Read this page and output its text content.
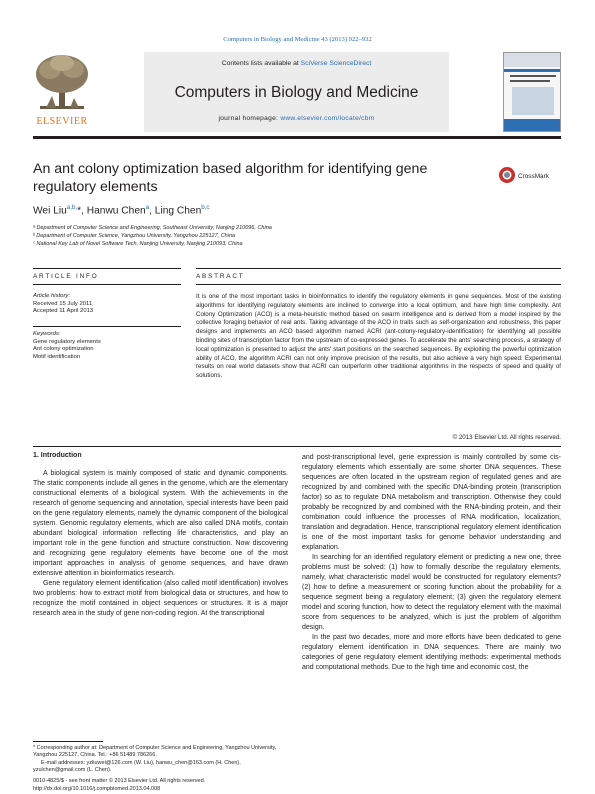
Computers in Biology and Medicine 43 (2013) 922–932
ELSEVIER
Contents lists available at SciVerse ScienceDirect
Computers in Biology and Medicine
journal homepage: www.elsevier.com/locate/cbm
An ant colony optimization based algorithm for identifying gene
regulatory elements
CrossMark
Wei Liu$^{a,b,}$*, Hanwu Chen$^a$, Ling Chen$^{b,c}$
ᵃ Department of Computer Science and Engineering, Southeast University, Nanjing 210096, China
ᵇ Department of Computer Science, Yangzhou University, Yangzhou 225127, China
ᶜ National Key Lab of Novel Software Tech, Nanjing University, Nanjing 210093, China
ARTICLE INFO	ABSTRACT
Article history:
Received 15 July 2011
Accepted 11 April 2013
Keywords:
Gene regulatory elements
Ant colony optimization
Motif identification
It is one of the most important tasks in bioinformatics to identify the regulatory elements in gene sequences. Most of the existing algorithms for identifying regulatory elements are inclined to converge into a local optimum, and have high time complexity. Ant Colony Optimization (ACO) is a meta-heuristic method based on swarm intelligence and is derived from a model inspired by the collective foraging behavior of real ants. Taking advantage of the ACO in traits such as self-organization and robustness, this paper designs and implements an ACO based algorithm named ACRI (ant-colony-regulatory-identification) for identifying all possible binding sites of transcription factor from the upstream of co-expressed genes. To accelerate the ants' searching process, a strategy of local optimization is presented to adjust the ants' start positions on the searched sequences. By exploiting the powerful optimization ability of ACO, the algorithm ACRI can not only improve precision of the results, but also achieve a very high speed. Experimental results on real world datasets show that ACRI can outperform other traditional algorithms in the respects of speed and quality of solutions.
© 2013 Elsevier Ltd. All rights reserved.
1. Introduction

A biological system is mainly composed of static and dynamic components. The static components include all genes in the genome, which are the elementary constructional elements of a biological system. With the achievements in the research of genome sequencing and annotation, special interests have been paid on the gene regulatory elements, namely the dynamic component of the biological system. Genomic regulatory elements, which are also called DNA motifs, contain abundant biological information reflecting life characteristics, and play an important role in the gene function and structure construction. Now discovering and recognizing gene regulatory elements have become one of the most important approaches in analysis of genome sequences, and have drawn extensive attention in bioinformatics research.

Gene regulatory element identification (also called motif identification) involves two problems: how to extract motif from biological data or structures, and how to recognize the motif contained in object sequences or structures. It is a major research area in the study of gene non-coding region. At the transcriptional

and post-transcriptional level, gene expression is mainly controlled by some cis-regulatory elements which essentially are some shorter DNA sequences. These sequences are often located in the upstream region of regulated genes and are recognized by and combined with the specific DNA-binding protein (transcription factor) so as to regulate DNA metabolism and transcription. Otherwise they could probably be recognized by and combined with the RNA-binding protein, and their combination could influence the processes of RNA modification, localization, translation and degradation. Hence, transcriptional regulatory element identification is one of the most important tasks for genome behavior understanding and explanation.

In searching for an identified regulatory element or predicting a new one, three problems must be solved: (1) how to formally describe the regulatory elements, namely, what characteristic model would be constructed for regulatory elements? (2) how to define a measurement or scoring function about the probability for a sequence segment being a regulatory element; (3) given the regulatory element model and scoring function, how to detect the regulatory element with the maximal score from sequences to be analyzed, which is just the problem of algorithm design.

In the past two decades, more and more efforts have been dedicated to gene regulatory element identification in DNA sequences. There are mainly two categories of gene regulatory element identifying methods: experimental methods and computational methods. Due to the high time and economic cost, the

* Corresponding author at: Department of Computer Science and Engineering, Yangzhou University, Yangzhou 225127, China. Tel.: +86 51489 786266.
E-mail addresses: yzliuwei@126.com (W. Liu), hanwu_chen@163.com (H. Chen), yzulchen@gmail.com (L. Chen).
0010-4825/$ - see front matter © 2013 Elsevier Ltd. All rights reserved.
http://dx.doi.org/10.1016/j.compbiomed.2013.04.008
